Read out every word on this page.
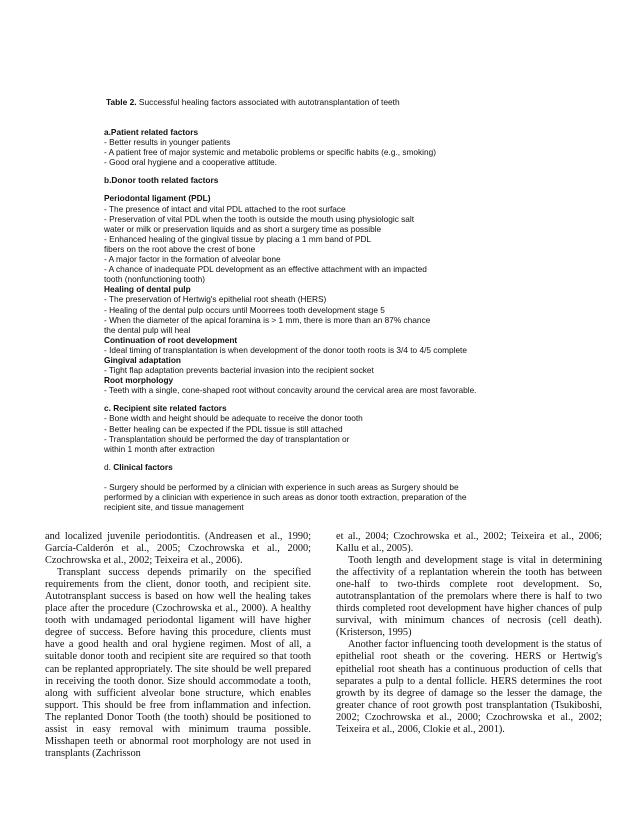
Table 2. Successful healing factors associated with autotransplantation of teeth
a.Patient related factors
- Better results in younger patients
- A patient free of major systemic and metabolic problems or specific habits (e.g., smoking)
- Good oral hygiene and a cooperative attitude.
b.Donor tooth related factors
Periodontal ligament (PDL)
- The presence of intact and vital PDL attached to the root surface
- Preservation of vital PDL when the tooth is outside the mouth using physiologic salt
water or milk or preservation liquids and as short a surgery time as possible
- Enhanced healing of the gingival tissue by placing a 1 mm band of PDL
fibers on the root above the crest of bone
- A major factor in the formation of alveolar bone
- A chance of inadequate PDL development as an effective attachment with an impacted
tooth (nonfunctioning tooth)
Healing of dental pulp
- The preservation of Hertwig's epithelial root sheath (HERS)
- Healing of the dental pulp occurs until Moorrees tooth development stage 5
- When the diameter of the apical foramina is > 1 mm, there is more than an 87% chance
the dental pulp will heal
Continuation of root development
- Ideal timing of transplantation is when development of the donor tooth roots is 3/4 to 4/5 complete
Gingival adaptation
- Tight flap adaptation prevents bacterial invasion into the recipient socket
Root morphology
- Teeth with a single, cone-shaped root without concavity around the cervical area are most favorable.
c. Recipient site related factors
- Bone width and height should be adequate to receive the donor tooth
- Better healing can be expected if the PDL tissue is still attached
- Transplantation should be performed the day of transplantation or
within 1 month after extraction
d. Clinical factors
- Surgery should be performed by a clinician with experience in such areas as Surgery should be
performed by a clinician with experience in such areas as donor tooth extraction, preparation of the
recipient site, and tissue management

and localized juvenile periodontitis. (Andreasen et al., 1990; García-Calderón et al., 2005; Czochrowska et al., 2000; Czochrowska et al., 2002; Teixeira et al., 2006).

Transplant success depends primarily on the specified requirements from the client, donor tooth, and recipient site. Autotransplant success is based on how well the healing takes place after the procedure (Czochrowska et al., 2000). A healthy tooth with undamaged periodontal ligament will have higher degree of success. Before having this procedure, clients must have a good health and oral hygiene regimen. Most of all, a suitable donor tooth and recipient site are required so that tooth can be replanted appropriately. The site should be well prepared in receiving the tooth donor. Size should accommodate a tooth, along with sufficient alveolar bone structure, which enables support. This should be free from inflammation and infection. The replanted Donor Tooth (the tooth) should be positioned to assist in easy removal with minimum trauma possible. Misshapen teeth or abnormal root morphology are not used in transplants (Zachrisson

et al., 2004; Czochrowska et al., 2002; Teixeira et al., 2006; Kallu et al., 2005).

Tooth length and development stage is vital in determining the affectivity of a replantation wherein the tooth has between one-half to two-thirds complete root development. So, autotransplantation of the premolars where there is half to two thirds completed root development have higher chances of pulp survival, with minimum chances of necrosis (cell death). (Kristerson, 1995)

Another factor influencing tooth development is the status of epithelial root sheath or the covering. HERS or Hertwig's epithelial root sheath has a continuous production of cells that separates a pulp to a dental follicle. HERS determines the root growth by its degree of damage so the lesser the damage, the greater chance of root growth post transplantation (Tsukiboshi, 2002; Czochrowska et al., 2000; Czochrowska et al., 2002; Teixeira et al., 2006, Clokie et al., 2001).
